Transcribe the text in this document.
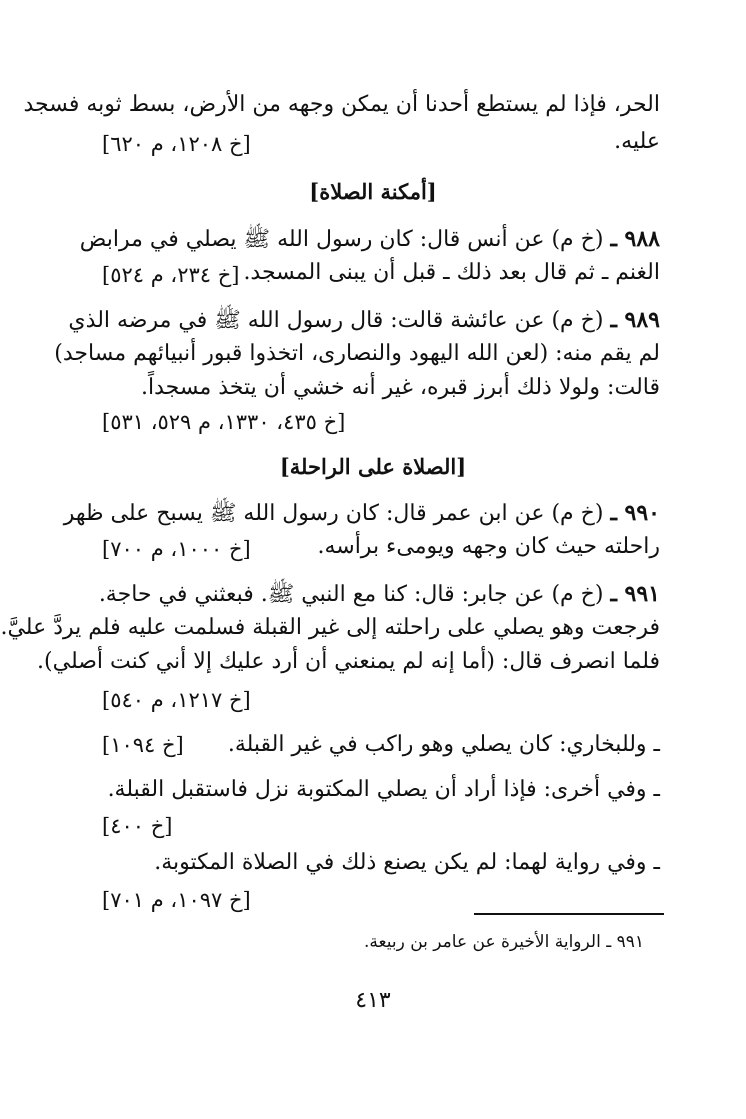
الحر، فإذا لم يستطع أحدنا أن يمكن وجهه من الأرض، بسط ثوبه فسجد
عليه.
[خ ١٢٠٨، م ٦٢٠]
[أمكنة الصلاة]
٩٨٨ ـ (خ م) عن أنس قال: كان رسول الله ﷺ يصلي في مرابض
الغنم ـ ثم قال بعد ذلك ـ قبل أن يبنى المسجد.
[خ ٢٣٤، م ٥٢٤]
٩٨٩ ـ (خ م) عن عائشة قالت: قال رسول الله ﷺ في مرضه الذي
لم يقم منه: (لعن الله اليهود والنصارى، اتخذوا قبور أنبيائهم مساجد)
قالت: ولولا ذلك أبرز قبره، غير أنه خشي أن يتخذ مسجداً.
[خ ٤٣٥، ١٣٣٠، م ٥٢٩، ٥٣١]
[الصلاة على الراحلة]
٩٩٠ ـ (خ م) عن ابن عمر قال: كان رسول الله ﷺ يسبح على ظهر
راحلته حيث كان وجهه ويومىء برأسه.
[خ ١٠٠٠، م ٧٠٠]
٩٩١ ـ (خ م) عن جابر: قال: كنا مع النبي ﷺ. فبعثني في حاجة.
فرجعت وهو يصلي على راحلته إلى غير القبلة فسلمت عليه فلم يردَّ عليَّ.
فلما انصرف قال: (أما إنه لم يمنعني أن أرد عليك إلا أني كنت أصلي).
[خ ١٢١٧، م ٥٤٠]
ـ وللبخاري: كان يصلي وهو راكب في غير القبلة.
[خ ١٠٩٤]
ـ وفي أخرى: فإذا أراد أن يصلي المكتوبة نزل فاستقبل القبلة.
[خ ٤٠٠]
ـ وفي رواية لهما: لم يكن يصنع ذلك في الصلاة المكتوبة.
[خ ١٠٩٧، م ٧٠١]
٩٩١ ـ الرواية الأخيرة عن عامر بن ربيعة.
٤١٣
